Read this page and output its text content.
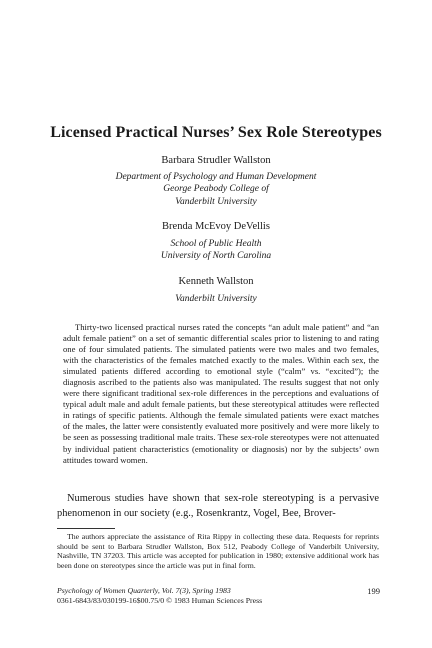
Licensed Practical Nurses’ Sex Role Stereotypes
Barbara Strudler Wallston
Department of Psychology and Human Development
George Peabody College of
Vanderbilt University
Brenda McEvoy DeVellis
School of Public Health
University of North Carolina
Kenneth Wallston
Vanderbilt University

Thirty-two licensed practical nurses rated the concepts “an adult male patient” and “an adult female patient” on a set of semantic differential scales prior to listening to and rating one of four simulated patients. The simulated patients were two males and two females, with the characteristics of the females matched exactly to the males. Within each sex, the simulated patients differed according to emotional style (“calm” vs. “excited”); the diagnosis ascribed to the patients also was manipulated. The results suggest that not only were there significant traditional sex-role differences in the perceptions and evaluations of typical adult male and adult female patients, but these stereotypical attitudes were reflected in ratings of specific patients. Although the female simulated patients were exact matches of the males, the latter were consistently evaluated more positively and were more likely to be seen as possessing traditional male traits. These sex-role stereotypes were not attenuated by individual patient characteristics (emotionality or diagnosis) nor by the subjects’ own attitudes toward women.

Numerous studies have shown that sex-role stereotyping is a pervasive phenomenon in our society (e.g., Rosenkrantz, Vogel, Bee, Brover-

The authors appreciate the assistance of Rita Rippy in collecting these data. Requests for reprints should be sent to Barbara Strudler Wallston, Box 512, Peabody College of Vanderbilt University, Nashville, TN 37203. This article was accepted for publication in 1980; extensive additional work has been done on stereotypes since the article was put in final form.

Psychology of Women Quarterly, Vol. 7(3), Spring 1983
0361-6843/83/030199-16$00.75/0 © 1983 Human Sciences Press
199
